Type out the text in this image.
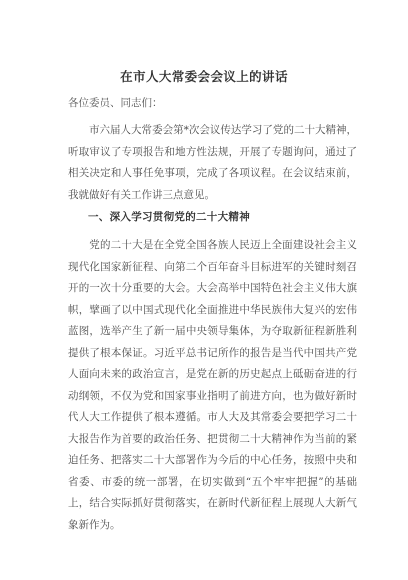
在市人大常委会会议上的讲话
各位委员、同志们：

市六届人大常委会第*次会议传达学习了党的二十大精神，听取审议了专项报告和地方性法规，开展了专题询问，通过了相关决定和人事任免事项，完成了各项议程。在会议结束前，我就做好有关工作讲三点意见。

一、深入学习贯彻党的二十大精神

党的二十大是在全党全国各族人民迈上全面建设社会主义现代化国家新征程、向第二个百年奋斗目标进军的关键时刻召开的一次十分重要的大会。大会高举中国特色社会主义伟大旗帜，擘画了以中国式现代化全面推进中华民族伟大复兴的宏伟蓝图，选举产生了新一届中央领导集体，为夺取新征程新胜利提供了根本保证。习近平总书记所作的报告是当代中国共产党人面向未来的政治宣言，是党在新的历史起点上砥砺奋进的行动纲领，不仅为党和国家事业指明了前进方向，也为做好新时代人大工作提供了根本遵循。市人大及其常委会要把学习二十大报告作为首要的政治任务、把贯彻二十大精神作为当前的紧迫任务、把落实二十大部署作为今后的中心任务，按照中央和省委、市委的统一部署，在切实做到“五个牢牢把握”的基础上，结合实际抓好贯彻落实，在新时代新征程上展现人大新气象新作为。
